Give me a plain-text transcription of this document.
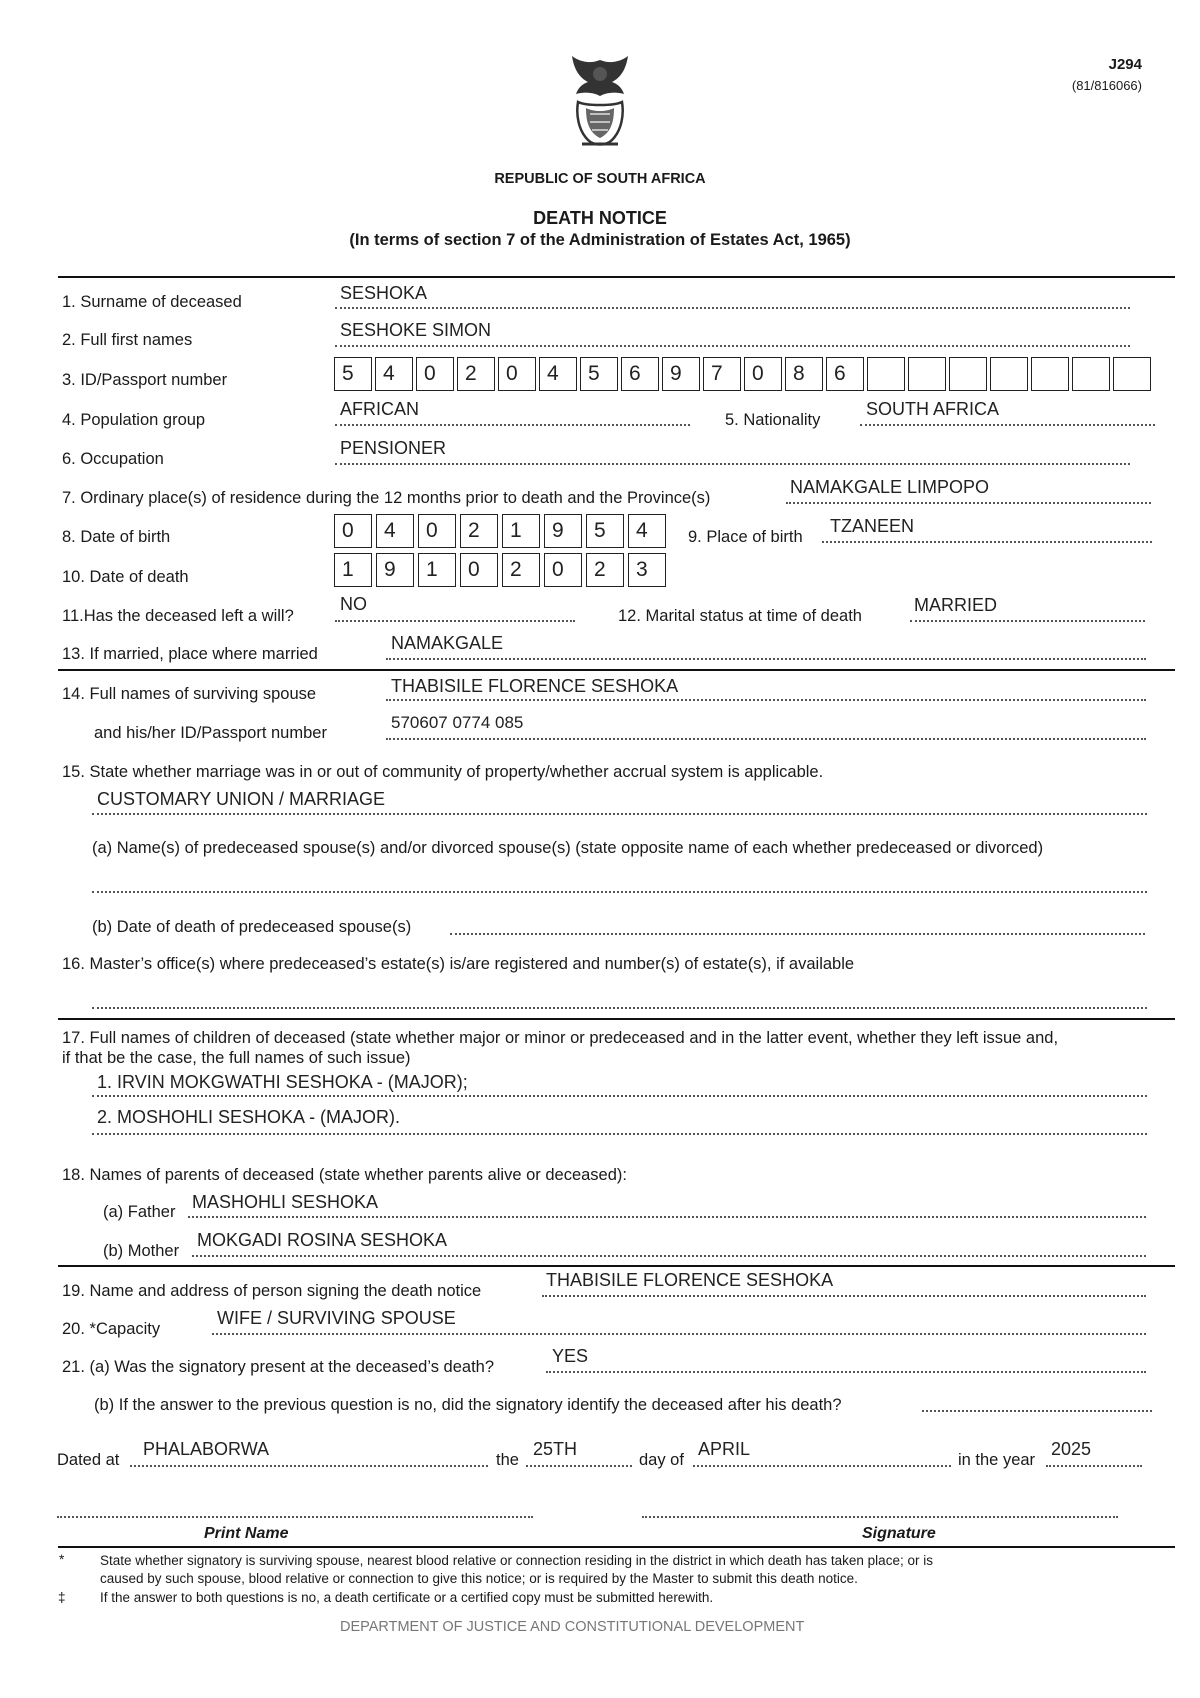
J294
(81/816066)
REPUBLIC OF SOUTH AFRICA
DEATH NOTICE
(In terms of section 7 of the Administration of Estates Act, 1965)
1. Surname of deceased	SESHOKA
2. Full first names	SESHOKE SIMON
3. ID/Passport number	5	4	0	2	0	4	5	6	9	7	0	8	6
4. Population group
AFRICAN
5. Nationality
SOUTH AFRICA
6. Occupation
PENSIONER
7. Ordinary place(s) of residence during the 12 months prior to death and the Province(s)
NAMAKGALE LIMPOPO
8. Date of birth	0	4	0	2	1	9	5	4	9. Place of birth
TZANEEN
10. Date of death	1	9	1	0	2	0	2	3
11.Has the deceased left a will?
NO
12. Marital status at time of death
MARRIED
13. If married, place where married
NAMAKGALE
14. Full names of surviving spouse	THABISILE FLORENCE SESHOKA
and his/her ID/Passport number
570607 0774 085
15. State whether marriage was in or out of community of property/whether accrual system is applicable.
CUSTOMARY UNION / MARRIAGE
(a) Name(s) of predeceased spouse(s) and/or divorced spouse(s) (state opposite name of each whether predeceased or divorced)
(b) Date of death of predeceased spouse(s)
16. Master’s office(s) where predeceased’s estate(s) is/are registered and number(s) of estate(s), if available
17. Full names of children of deceased (state whether major or minor or predeceased and in the latter event, whether they left issue and,
if that be the case, the full names of such issue)
1. IRVIN MOKGWATHI SESHOKA - (MAJOR);
2. MOSHOHLI SESHOKA - (MAJOR).
18. Names of parents of deceased (state whether parents alive or deceased):
(a) Father MASHOHLI SESHOKA
(b) Mother
MOKGADI ROSINA SESHOKA
19. Name and address of person signing the death notice
THABISILE FLORENCE SESHOKA
20. *Capacity
WIFE / SURVIVING SPOUSE
21. (a) Was the signatory present at the deceased’s death?
YES
(b) If the answer to the previous question is no, did the signatory identify the deceased after his death?
Dated at
PHALABORWA
the
25TH
day of
APRIL
in the year
2025
Print Name	Signature
*	State whether signatory is surviving spouse, nearest blood relative or connection residing in the district in which death has taken place; or is
caused by such spouse, blood relative or connection to give this notice; or is required by the Master to submit this death notice.
‡	If the answer to both questions is no, a death certificate or a certified copy must be submitted herewith.
DEPARTMENT OF JUSTICE AND CONSTITUTIONAL DEVELOPMENT
